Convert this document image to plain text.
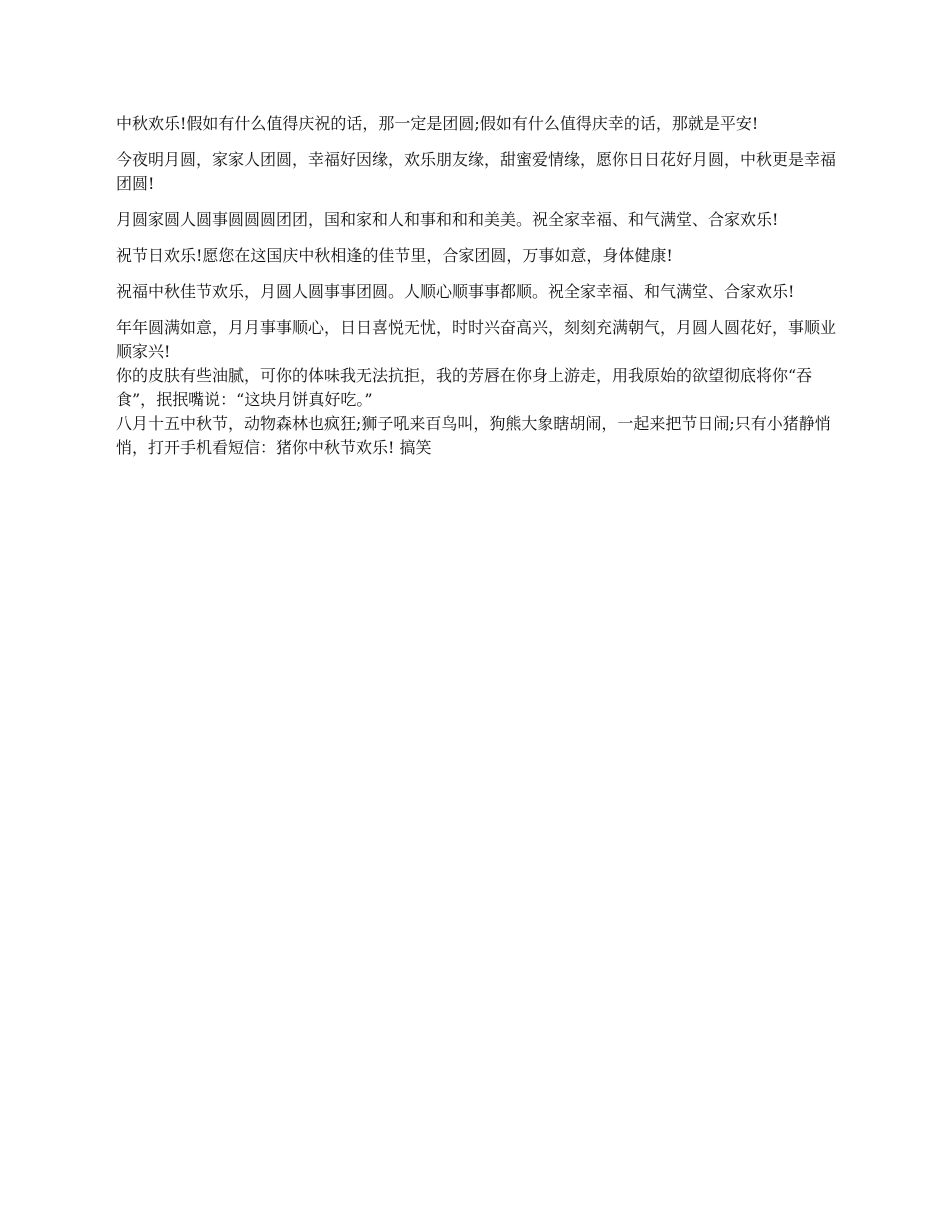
中秋欢乐!假如有什么值得庆祝的话，那一定是团圆;假如有什么值得庆幸的话，那就是平安!

今夜明月圆，家家人团圆，幸福好因缘，欢乐朋友缘，甜蜜爱情缘，愿你日日花好月圆，中秋更是幸福团圆!

月圆家圆人圆事圆圆圆团团，国和家和人和事和和和美美。祝全家幸福、和气满堂、合家欢乐!

祝节日欢乐!愿您在这国庆中秋相逢的佳节里，合家团圆，万事如意，身体健康!

祝福中秋佳节欢乐，月圆人圆事事团圆。人顺心顺事事都顺。祝全家幸福、和气满堂、合家欢乐!

年年圆满如意，月月事事顺心，日日喜悦无忧，时时兴奋高兴，刻刻充满朝气，月圆人圆花好，事顺业顺家兴!

你的皮肤有些油腻，可你的体味我无法抗拒，我的芳唇在你身上游走，用我原始的欲望彻底将你“吞食”，抿抿嘴说：“这块月饼真好吃。”

八月十五中秋节，动物森林也疯狂;狮子吼来百鸟叫，狗熊大象瞎胡闹，一起来把节日闹;只有小猪静悄悄，打开手机看短信：猪你中秋节欢乐! 搞笑
